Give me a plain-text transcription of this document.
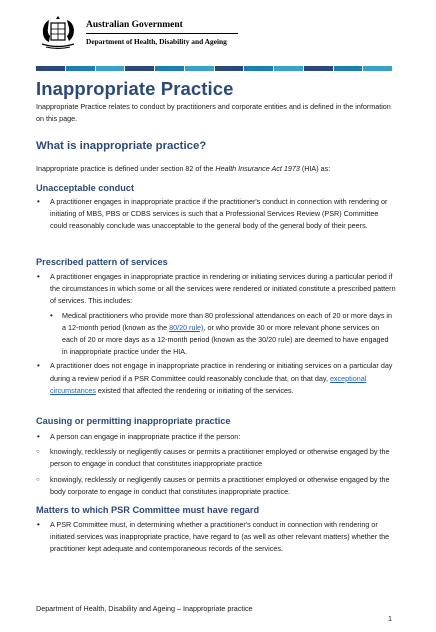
Australian Government
Department of Health, Disability and Ageing
Inappropriate Practice

Inappropriate Practice relates to conduct by practitioners and corporate entities and is defined in the information on this page.

What is inappropriate practice?

Inappropriate practice is defined under section 82 of the Health Insurance Act 1973 (HIA) as:

Unacceptable conduct
• A practitioner engages in inappropriate practice if the practitioner's conduct in connection with rendering or initiating of MBS, PBS or CDBS services is such that a Professional Services Review (PSR) Committee could reasonably conclude was unacceptable to the general body of the general body of their peers.
Prescribed pattern of services
• A practitioner engages in inappropriate practice in rendering or initiating services during a particular period if the circumstances in which some or all the services were rendered or initiated constitute a prescribed pattern of services. This includes:
• Medical practitioners who provide more than 80 professional attendances on each of 20 or more days in a 12-month period (known as the 80/20 rule), or who provide 30 or more relevant phone services on each of 20 or more days as a 12-month period (known as the 30/20 rule) are deemed to have engaged in inappropriate practice under the HIA.
• A practitioner does not engage in inappropriate practice in rendering or initiating services on a particular day during a review period if a PSR Committee could reasonably conclude that, on that day, exceptional circumstances existed that affected the rendering or initiating of the services.
Causing or permitting inappropriate practice
• A person can engage in inappropriate practice if the person:
○ knowingly, recklessly or negligently causes or permits a practitioner employed or otherwise engaged by the person to engage in conduct that constitutes inappropriate practice
○ knowingly, recklessly or negligently causes or permits a practitioner employed or otherwise engaged by the body corporate to engage in conduct that constitutes inappropriate practice.
Matters to which PSR Committee must have regard
• A PSR Committee must, in determining whether a practitioner's conduct in connection with rendering or initiated services was inappropriate practice, have regard to (as well as other relevant matters) whether the practitioner kept adequate and contemporaneous records of the services.
Department of Health, Disability and Ageing – Inappropriate practice
1
